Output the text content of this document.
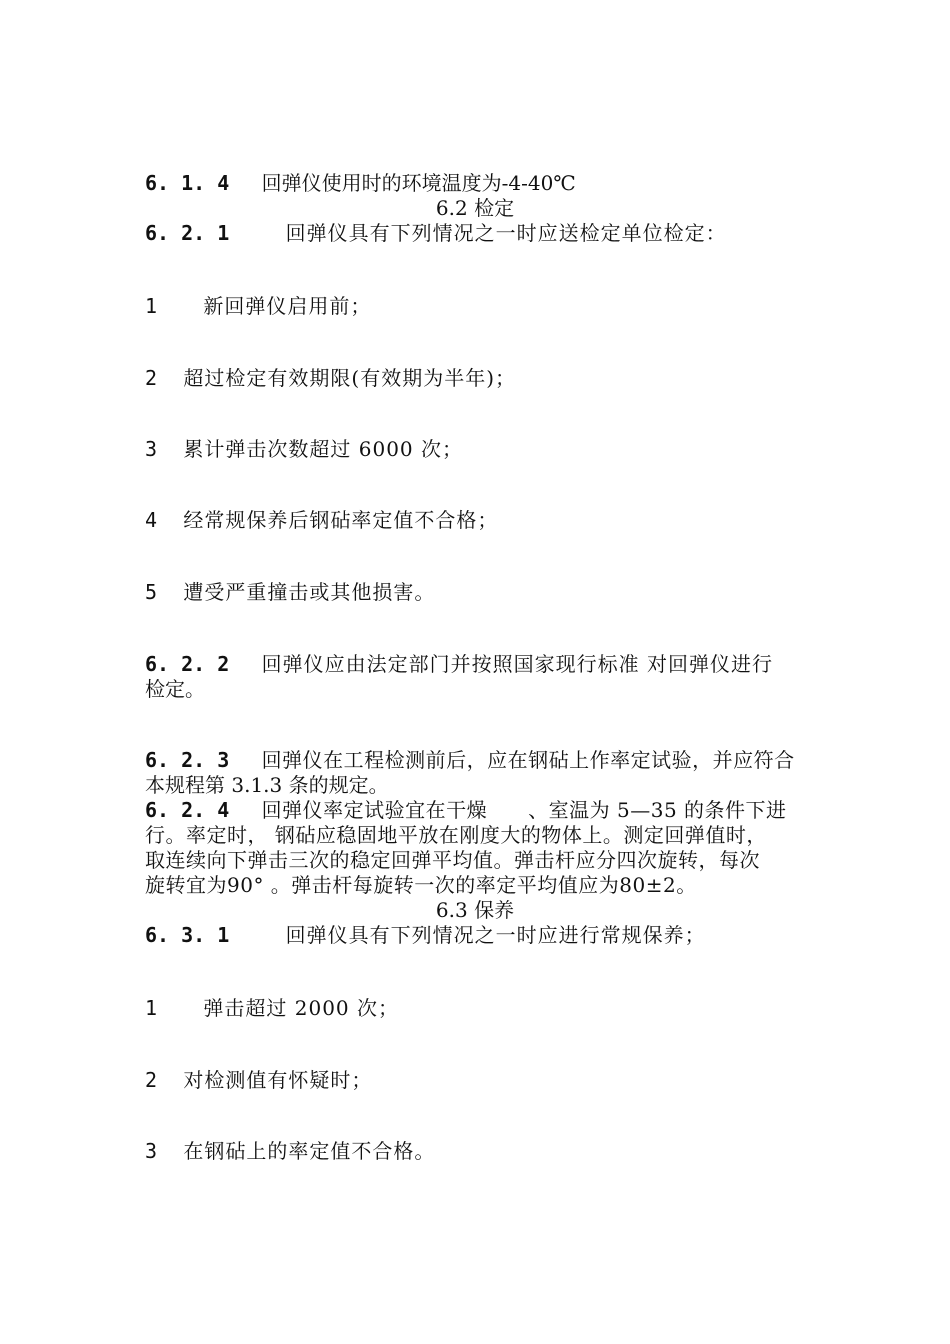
6. 1. 4 回弹仪使用时的环境温度为-4-40℃
6.2 检定
6. 2. 1	回弹仪具有下列情况之一时应送检定单位检定：
1 新回弹仪启用前；
2 超过检定有效期限(有效期为半年)；
3 累计弹击次数超过 6000 次；
4 经常规保养后钢砧率定值不合格；
5 遭受严重撞击或其他损害。
6. 2. 2 回弹仪应由法定部门并按照国家现行标准 对回弹仪进行
检定。
6. 2. 3 回弹仪在工程检测前后，应在钢砧上作率定试验，并应符合
本规程第 3.1.3 条的规定。
6. 2. 4 回弹仪率定试验宜在干燥　　、室温为 5—35 的条件下进
行。率定时， 钢砧应稳固地平放在刚度大的物体上。测定回弹值时，
取连续向下弹击三次的稳定回弹平均值。弹击杆应分四次旋转，每次
旋转宜为90° 。弹击杆每旋转一次的率定平均值应为80±2。
6.3 保养
6. 3. 1	回弹仪具有下列情况之一时应进行常规保养；
1 弹击超过 2000 次；
2 对检测值有怀疑时；
3 在钢砧上的率定值不合格。
